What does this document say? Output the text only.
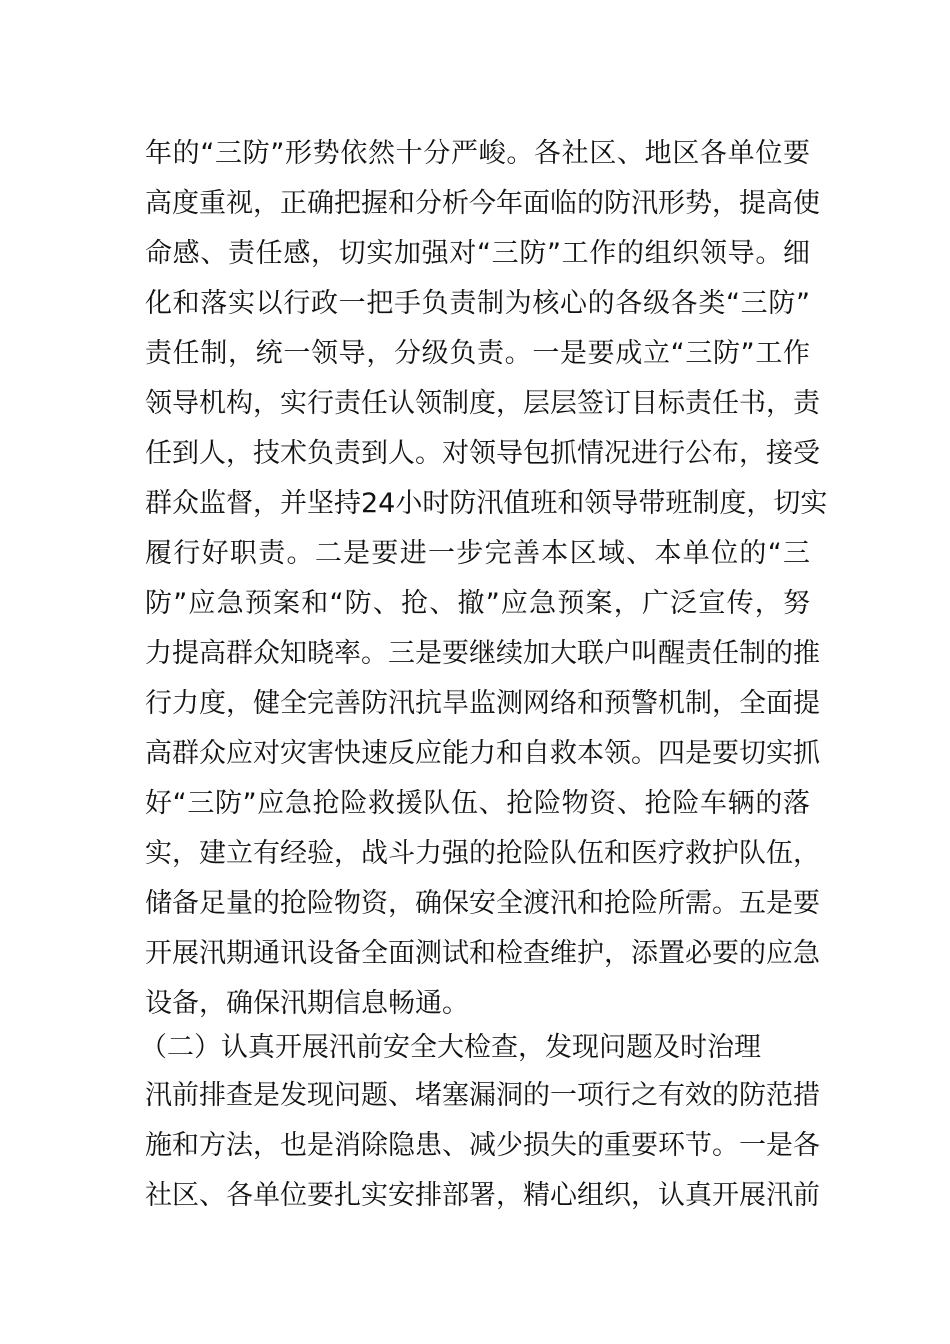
年的“三防”形势依然十分严峻。各社区、地区各单位要
高度重视，正确把握和分析今年面临的防汛形势，提高使
命感、责任感，切实加强对“三防”工作的组织领导。细
化和落实以行政一把手负责制为核心的各级各类“三防”
责任制，统一领导，分级负责。一是要成立“三防”工作
领导机构，实行责任认领制度，层层签订目标责任书，责
任到人，技术负责到人。对领导包抓情况进行公布，接受
群众监督，并坚持24小时防汛值班和领导带班制度，切实
履行好职责。二是要进一步完善本区域、本单位的“三
防”应急预案和“防、抢、撤”应急预案，广泛宣传，努
力提高群众知晓率。三是要继续加大联户叫醒责任制的推
行力度，健全完善防汛抗旱监测网络和预警机制，全面提
高群众应对灾害快速反应能力和自救本领。四是要切实抓
好“三防”应急抢险救援队伍、抢险物资、抢险车辆的落
实，建立有经验，战斗力强的抢险队伍和医疗救护队伍，
储备足量的抢险物资，确保安全渡汛和抢险所需。五是要
开展汛期通讯设备全面测试和检查维护，添置必要的应急
设备，确保汛期信息畅通。
（二）认真开展汛前安全大检查，发现问题及时治理
汛前排查是发现问题、堵塞漏洞的一项行之有效的防范措
施和方法，也是消除隐患、减少损失的重要环节。一是各
社区、各单位要扎实安排部署，精心组织，认真开展汛前
